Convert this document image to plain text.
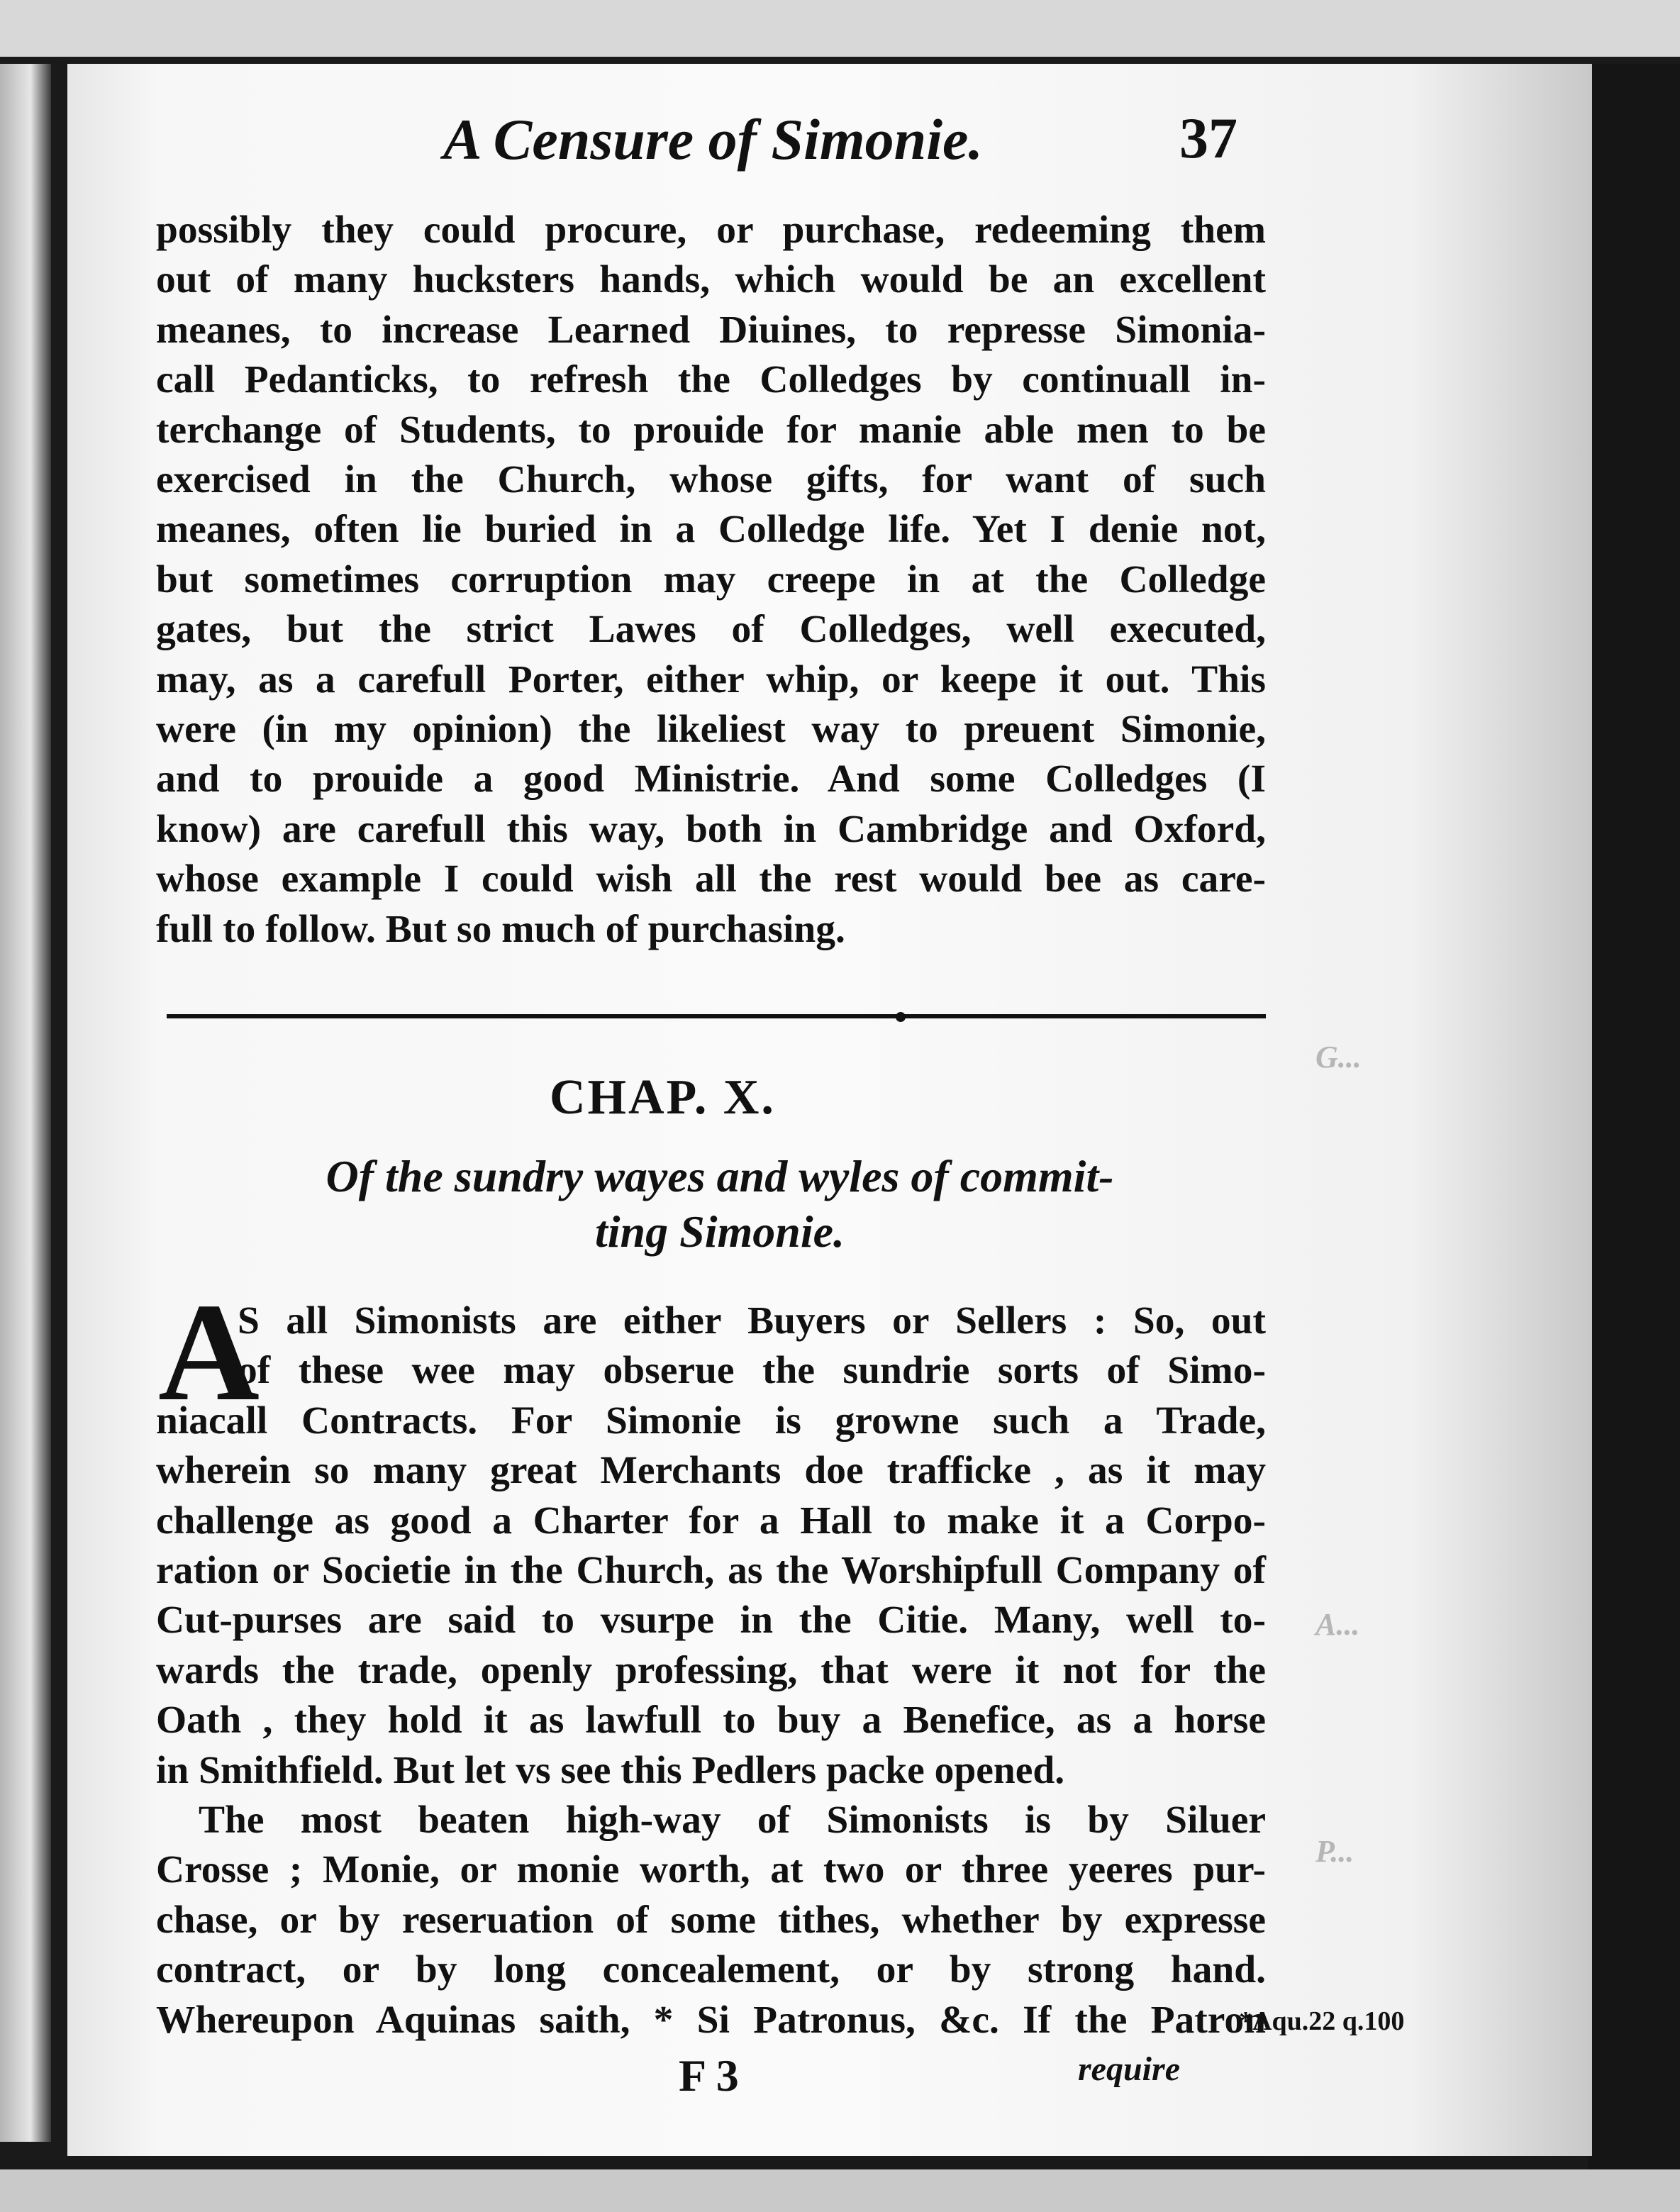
G...
A...
P...
A Censure of Simonie.	37
possibly they could procure, or purchase, redeeming them
out of many hucksters hands, which would be an excellent
meanes, to increase Learned Diuines, to represse Simonia-
call Pedanticks, to refresh the Colledges by continuall in-
terchange of Students, to prouide for manie able men to be
exercised in the Church, whose gifts, for want of such
meanes, often lie buried in a Colledge life. Yet I denie not,
but sometimes corruption may creepe in at the Colledge
gates, but the strict Lawes of Colledges, well executed,
may, as a carefull Porter, either whip, or keepe it out. This
were (in my opinion) the likeliest way to preuent Simonie,
and to prouide a good Ministrie. And some Colledges (I
know) are carefull this way, both in Cambridge and Oxford,
whose example I could wish all the rest would bee as care-
full to follow. But so much of purchasing.
CHAP. X.
Of the sundry wayes and wyles of commit-
ting Simonie.
A
S all Simonists are either Buyers or Sellers : So, out
of these wee may obserue the sundrie sorts of Simo-
niacall Contracts. For Simonie is growne such a Trade,
wherein so many great Merchants doe trafficke , as it may
challenge as good a Charter for a Hall to make it a Corpo-
ration or Societie in the Church, as the Worshipfull Company of
Cut-purses are said to vsurpe in the Citie. Many, well to-
wards the trade, openly professing, that were it not for the
Oath , they hold it as lawfull to buy a Benefice, as a horse
in Smithfield. But let vs see this Pedlers packe opened.
The most beaten high-way of Simonists is by Siluer
Crosse ; Monie, or monie worth, at two or three yeeres pur-
chase, or by reseruation of some tithes, whether by expresse
contract, or by long concealement, or by strong hand.
Whereupon Aquinas saith, * Si Patronus, &c. If the Patron
*Aqu.22 q.100
F 3	require
